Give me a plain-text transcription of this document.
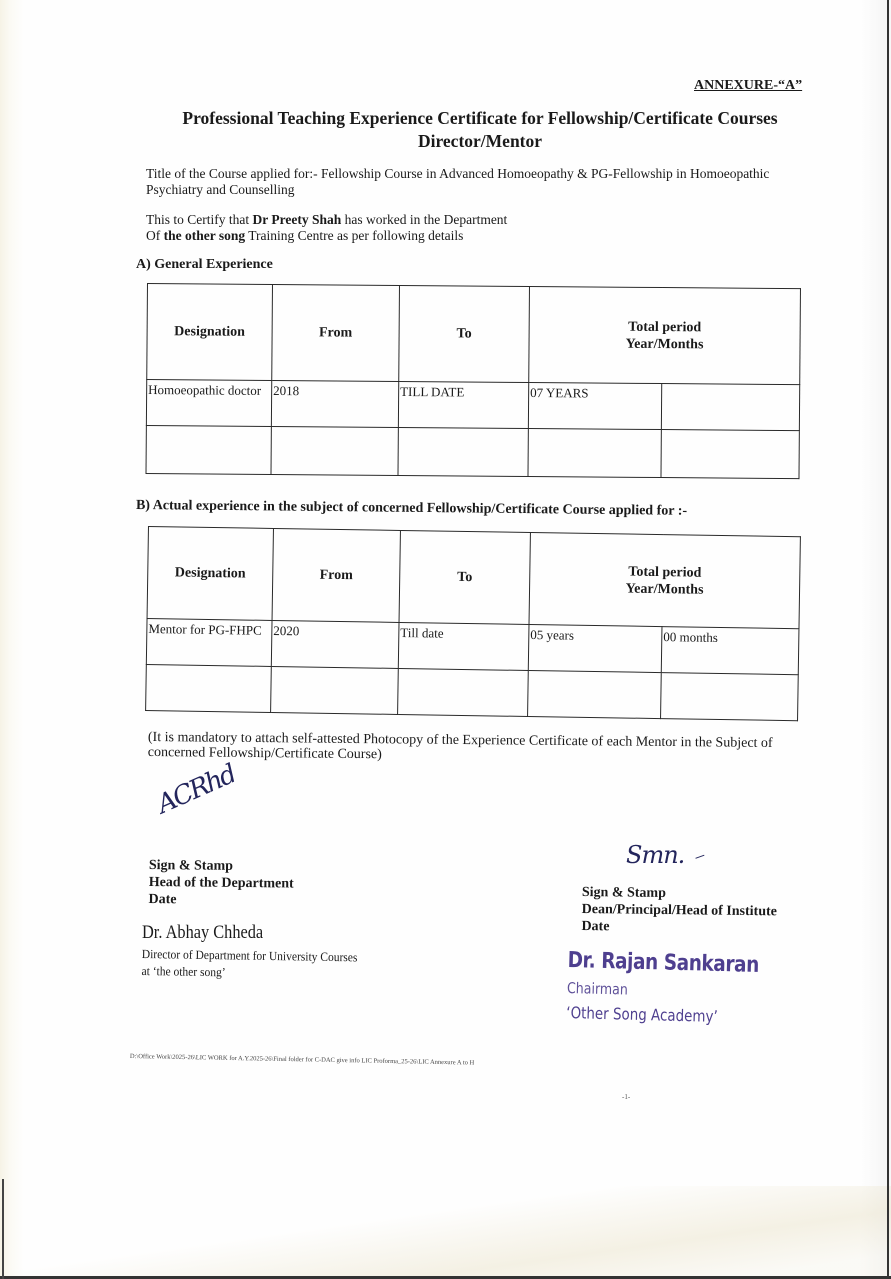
ANNEXURE-“A”
Professional Teaching Experience Certificate for Fellowship/Certificate Courses
Director/Mentor
Title of the Course applied for:- Fellowship Course in Advanced Homoeopathy & PG-Fellowship in Homoeopathic Psychiatry and Counselling
This to Certify that Dr Preety Shah has worked in the Department
Of the other song Training Centre as per following details
A) General Experience
Designation	From	To	Total period
Year/Months	

Homoeopathic doctor	2018	TILL DATE	07 YEARS	

B) Actual experience in the subject of concerned Fellowship/Certificate Course applied for :-
Designation	From	To	Total period
Year/Months	

Mentor for PG-FHPC	2020	Till date	05 years	00 months

(It is mandatory to attach self-attested Photocopy of the Experience Certificate of each Mentor in the Subject of concerned Fellowship/Certificate Course)
ACRhd
Sign & Stamp
Head of the Department
Date
Dr. Abhay Chheda
Director of Department for University Courses
at ‘the other song’
Smn. –
Sign & Stamp
Dean/Principal/Head of Institute
Date
Dr. Rajan Sankaran
Chairman
‘Other Song Academy’
D:\Office Work\2025-26\LIC WORK for A.Y.2025-26\Final folder for C-DAC give info LIC Proforma_25-26\LIC Annexure A to H
-1-
